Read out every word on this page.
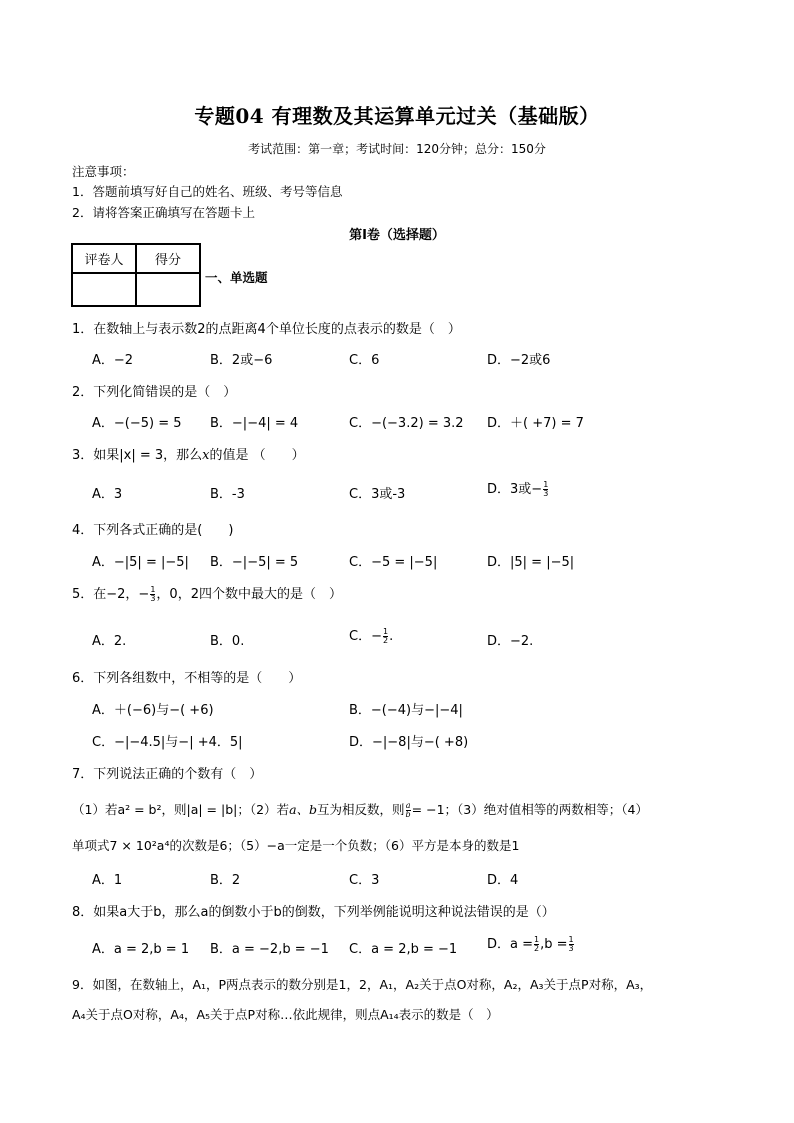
专题04 有理数及其运算单元过关（基础版）
考试范围：第一章；考试时间：120分钟；总分：150分
注意事项：
1．答题前填写好自己的姓名、班级、考号等信息
2．请将答案正确填写在答题卡上
第I卷（选择题）
评卷人	得分

一、单选题
1．在数轴上与表示数2的点距离4个单位长度的点表示的数是（　）
A．−2	B．2或−6	C．6	D．−2或6
2．下列化简错误的是（　）
A．−(−5) = 5 B．−|−4| = 4	C．−(−3.2) = 3.2 D．＋( +7) = 7
3．如果|x| = 3，那么x的值是 （　　）
A．3	B．-3	C．3或-3	D．3或− $\frac{1}{3}$
4．下列各式正确的是(　　)
A．−|5| = |−5| B．−|−5| = 5	C．−5 = |−5|	D．|5| = |−5|
5．在−2，− $\frac{1}{3}$ ，0，2四个数中最大的是（　）
A．2.	B．0.	C．− $\frac{1}{2}$ .	D．−2.
6．下列各组数中，不相等的是（　　）
A．＋(−6)与−( +6)	B．−(−4)与−|−4|
C．−|−4.5|与−| +4．5|	D．−|−8|与−( +8)
7．下列说法正确的个数有（　）
（1）若a² = b²，则|a| = |b|；（2）若a、b互为相反数，则 $\frac{a}{b} = -1$；（3）绝对值相等的两数相等；（4）
单项式7 × 10²a⁴的次数是6；（5）−a一定是一个负数；（6）平方是本身的数是1
A．1	B．2	C．3	D．4
8．如果a大于b，那么a的倒数小于b的倒数，下列举例能说明这种说法错误的是（）
A．a = 2,b = 1 B．a = −2,b = −1 C．a = 2,b = −1 D．$a = \frac{1}{2} ,b = \frac{1}{3}$
9．如图，在数轴上，A₁，P两点表示的数分别是1，2，A₁，A₂关于点O对称，A₂，A₃关于点P对称，A₃，
A₄关于点O对称，A₄，A₅关于点P对称…依此规律，则点A₁₄表示的数是（　）
